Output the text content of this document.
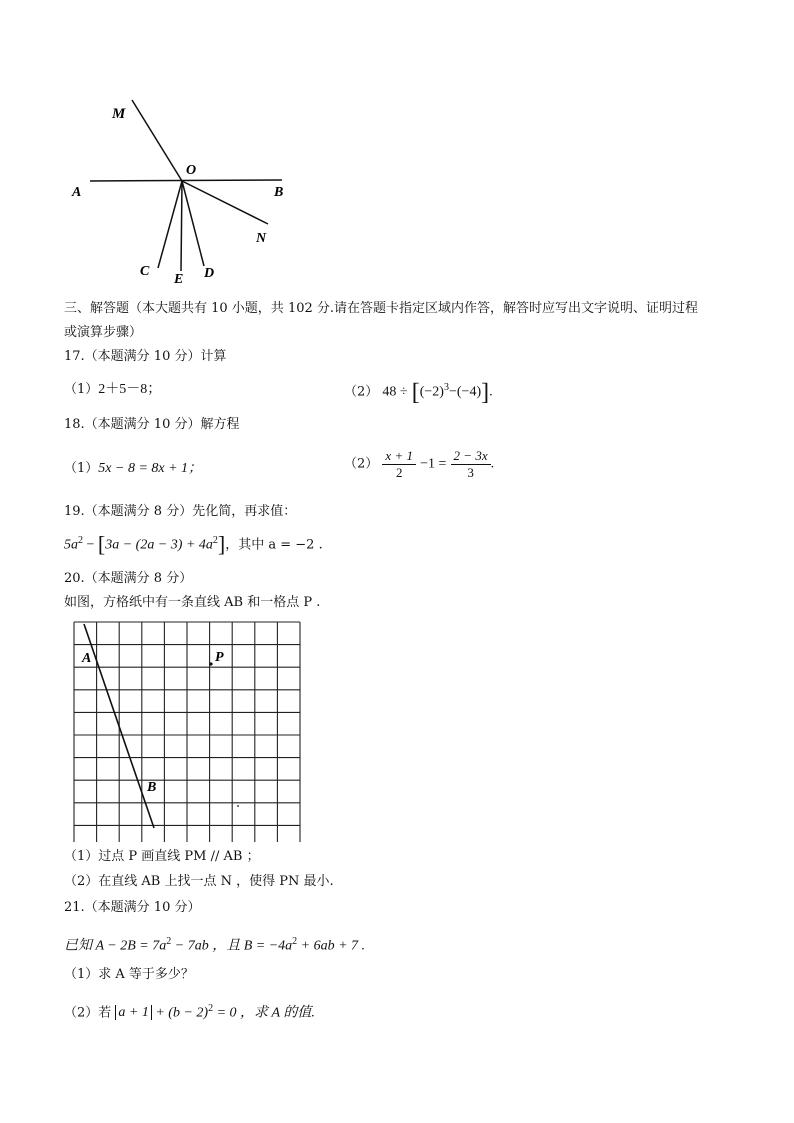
M
O
A	B
N
C
E D
三、解答题（本大题共有 10 小题，共 102 分.请在答题卡指定区域内作答，解答时应写出文字说明、证明过程
或演算步骤）
17.（本题满分 10 分）计算
（1）2＋5－8；	（2） $48 \div [(-2)^3-(-4)]$.
18.（本题满分 10 分）解方程
（1）5x − 8 = 8x + 1；	$(2) \frac{x + 1}{2} -1 = \frac{2 - 3x}{3}$ .
19.（本题满分 8 分）先化简，再求值：
$5a^2 - [3a - (2a - 3) + 4a^2]$，其中 a = −2 .
20.（本题满分 8 分）
如图，方格纸中有一条直线 AB 和一格点 P .
A	P
B
（1）过点 P 画直线 PM // AB ；
（2）在直线 AB 上找一点 N ，使得 PN 最小.
21.（本题满分 10 分）
已知 $A - 2B = 7a^2 - 7ab$ ，且 $B = -4a^2 + 6ab + 7$ .
（1）求 A 等于多少？
（2）若 $a + 1 + (b - 2)^2 = 0$ ，求 A 的值.
